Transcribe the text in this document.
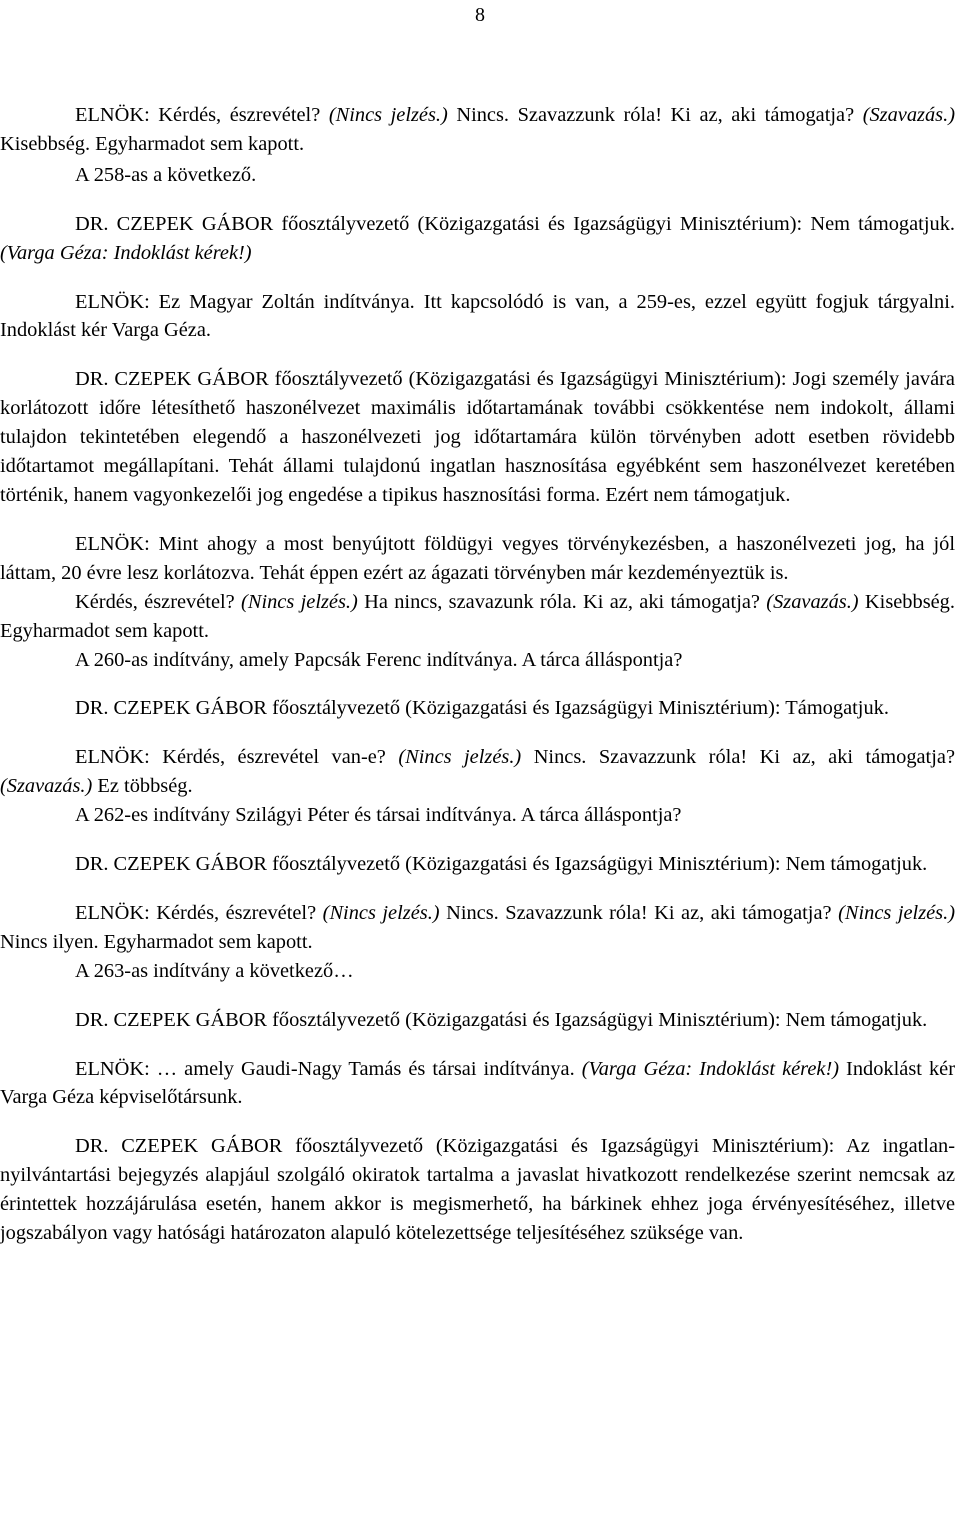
8
ELNÖK: Kérdés, észrevétel? (Nincs jelzés.) Nincs. Szavazzunk róla! Ki az, aki támogatja? (Szavazás.) Kisebbség. Egyharmadot sem kapott.
A 258-as a következő.
DR. CZEPEK GÁBOR főosztályvezető (Közigazgatási és Igazságügyi Minisztérium): Nem támogatjuk. (Varga Géza: Indoklást kérek!)
ELNÖK: Ez Magyar Zoltán indítványa. Itt kapcsolódó is van, a 259-es, ezzel együtt fogjuk tárgyalni. Indoklást kér Varga Géza.
DR. CZEPEK GÁBOR főosztályvezető (Közigazgatási és Igazságügyi Minisztérium): Jogi személy javára korlátozott időre létesíthető haszonélvezet maximális időtartamának további csökkentése nem indokolt, állami tulajdon tekintetében elegendő a haszonélvezeti jog időtartamára külön törvényben adott esetben rövidebb időtartamot megállapítani. Tehát állami tulajdonú ingatlan hasznosítása egyébként sem haszonélvezet keretében történik, hanem vagyonkezelői jog engedése a tipikus hasznosítási forma. Ezért nem támogatjuk.
ELNÖK: Mint ahogy a most benyújtott földügyi vegyes törvénykezésben, a haszonélvezeti jog, ha jól láttam, 20 évre lesz korlátozva. Tehát éppen ezért az ágazati törvényben már kezdeményeztük is.
Kérdés, észrevétel? (Nincs jelzés.) Ha nincs, szavazunk róla. Ki az, aki támogatja? (Szavazás.) Kisebbség. Egyharmadot sem kapott.
A 260-as indítvány, amely Papcsák Ferenc indítványa. A tárca álláspontja?
DR. CZEPEK GÁBOR főosztályvezető (Közigazgatási és Igazságügyi Minisztérium): Támogatjuk.
ELNÖK: Kérdés, észrevétel van-e? (Nincs jelzés.) Nincs. Szavazzunk róla! Ki az, aki támogatja? (Szavazás.) Ez többség.
A 262-es indítvány Szilágyi Péter és társai indítványa. A tárca álláspontja?
DR. CZEPEK GÁBOR főosztályvezető (Közigazgatási és Igazságügyi Minisztérium): Nem támogatjuk.
ELNÖK: Kérdés, észrevétel? (Nincs jelzés.) Nincs. Szavazzunk róla! Ki az, aki támogatja? (Nincs jelzés.) Nincs ilyen. Egyharmadot sem kapott.
A 263-as indítvány a következő…
DR. CZEPEK GÁBOR főosztályvezető (Közigazgatási és Igazságügyi Minisztérium): Nem támogatjuk.
ELNÖK: … amely Gaudi-Nagy Tamás és társai indítványa. (Varga Géza: Indoklást kérek!) Indoklást kér Varga Géza képviselőtársunk.
DR. CZEPEK GÁBOR főosztályvezető (Közigazgatási és Igazságügyi Minisztérium): Az ingatlan-nyilvántartási bejegyzés alapjául szolgáló okiratok tartalma a javaslat hivatkozott rendelkezése szerint nemcsak az érintettek hozzájárulása esetén, hanem akkor is megismerhető, ha bárkinek ehhez joga érvényesítéséhez, illetve jogszabályon vagy hatósági határozaton alapuló kötelezettsége teljesítéséhez szüksége van.
